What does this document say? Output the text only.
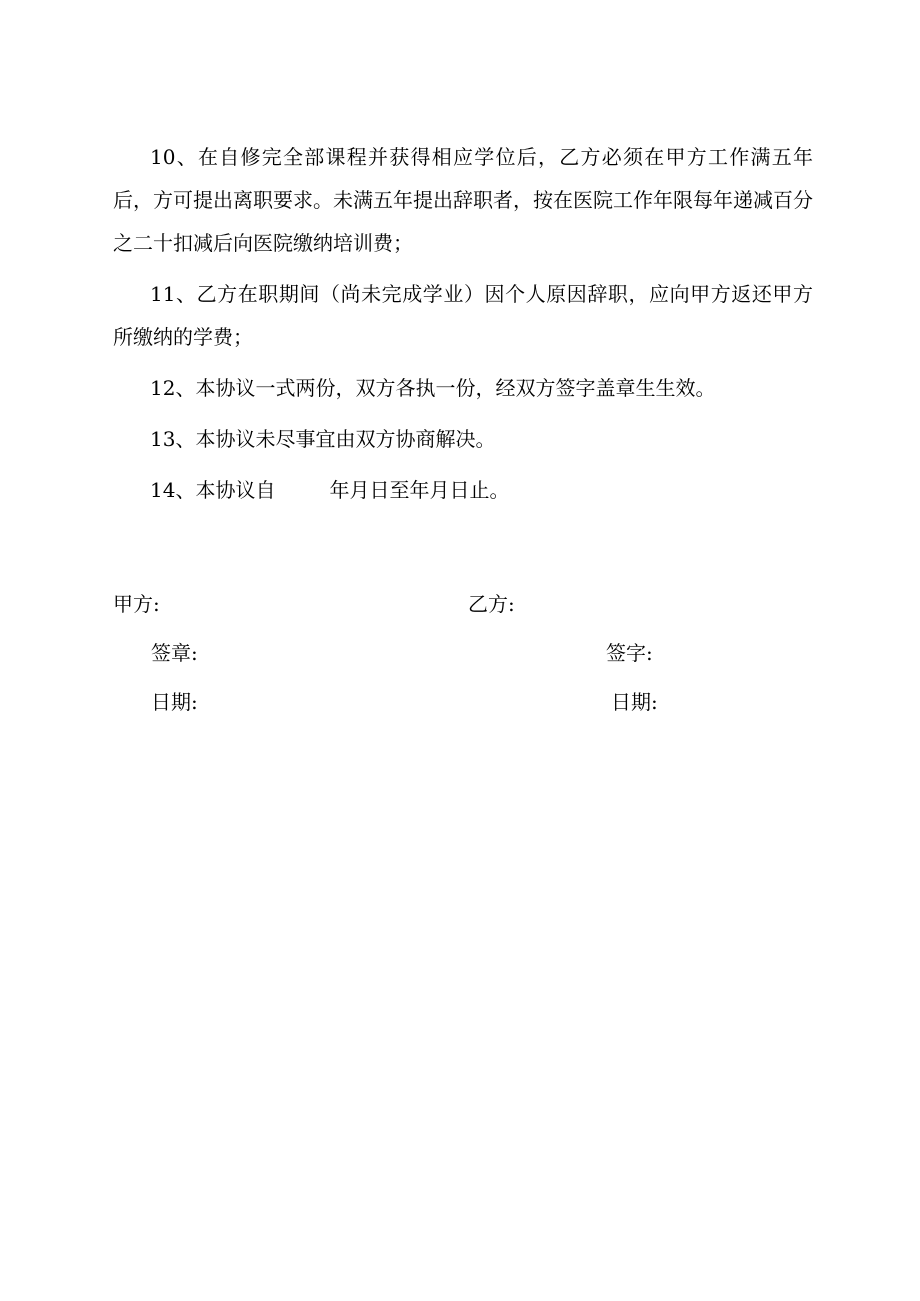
10、在自修完全部课程并获得相应学位后，乙方必须在甲方工作满五年后，方可提出离职要求。未满五年提出辞职者，按在医院工作年限每年递减百分之二十扣减后向医院缴纳培训费；

11、乙方在职期间（尚未完成学业）因个人原因辞职，应向甲方返还甲方所缴纳的学费；

12、本协议一式两份，双方各执一份，经双方签字盖章生生效。

13、本协议未尽事宜由双方协商解决。

14、本协议自	年月日至年月日止。

甲方:	乙方:
签章:	签字:
日期:	日期:
